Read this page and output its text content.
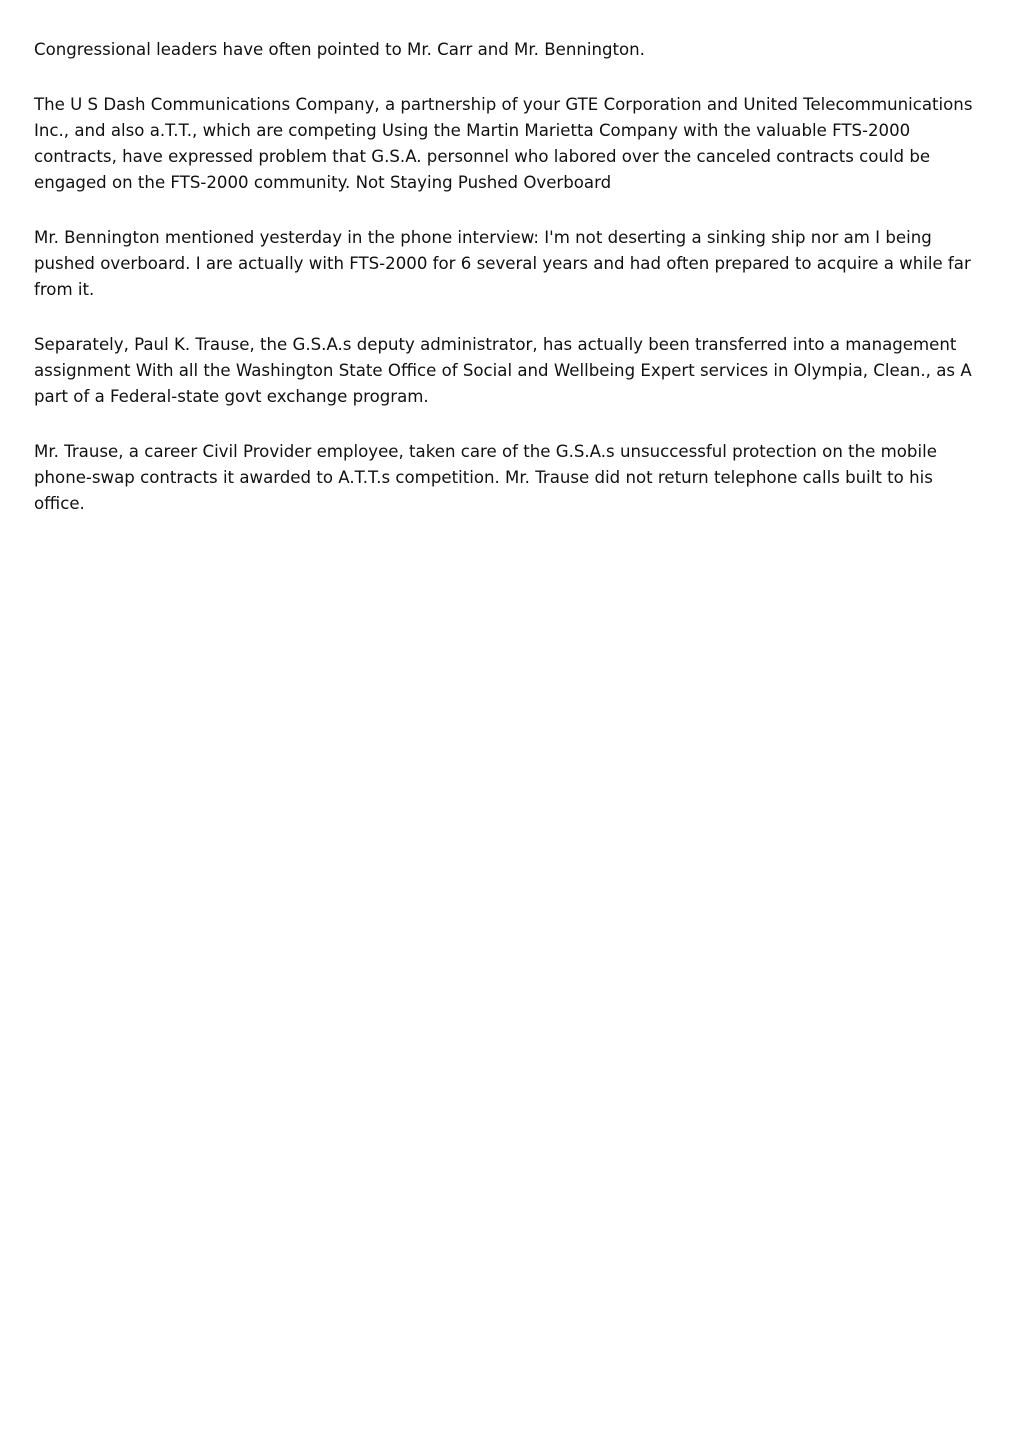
Congressional leaders have often pointed to Mr. Carr and Mr. Bennington.

The U S Dash Communications Company, a partnership of your GTE Corporation and United Telecommunications Inc., and also a.T.T., which are competing Using the Martin Marietta Company with the valuable FTS-2000 contracts, have expressed problem that G.S.A. personnel who labored over the canceled contracts could be engaged on the FTS-2000 community. Not Staying Pushed Overboard

Mr. Bennington mentioned yesterday in the phone interview: I'm not deserting a sinking ship nor am I being pushed overboard. I are actually with FTS-2000 for 6 several years and had often prepared to acquire a while far from it.

Separately, Paul K. Trause, the G.S.A.s deputy administrator, has actually been transferred into a management assignment With all the Washington State Office of Social and Wellbeing Expert services in Olympia, Clean., as A part of a Federal-state govt exchange program.

Mr. Trause, a career Civil Provider employee, taken care of the G.S.A.s unsuccessful protection on the mobile phone-swap contracts it awarded to A.T.T.s competition. Mr. Trause did not return telephone calls built to his office.
